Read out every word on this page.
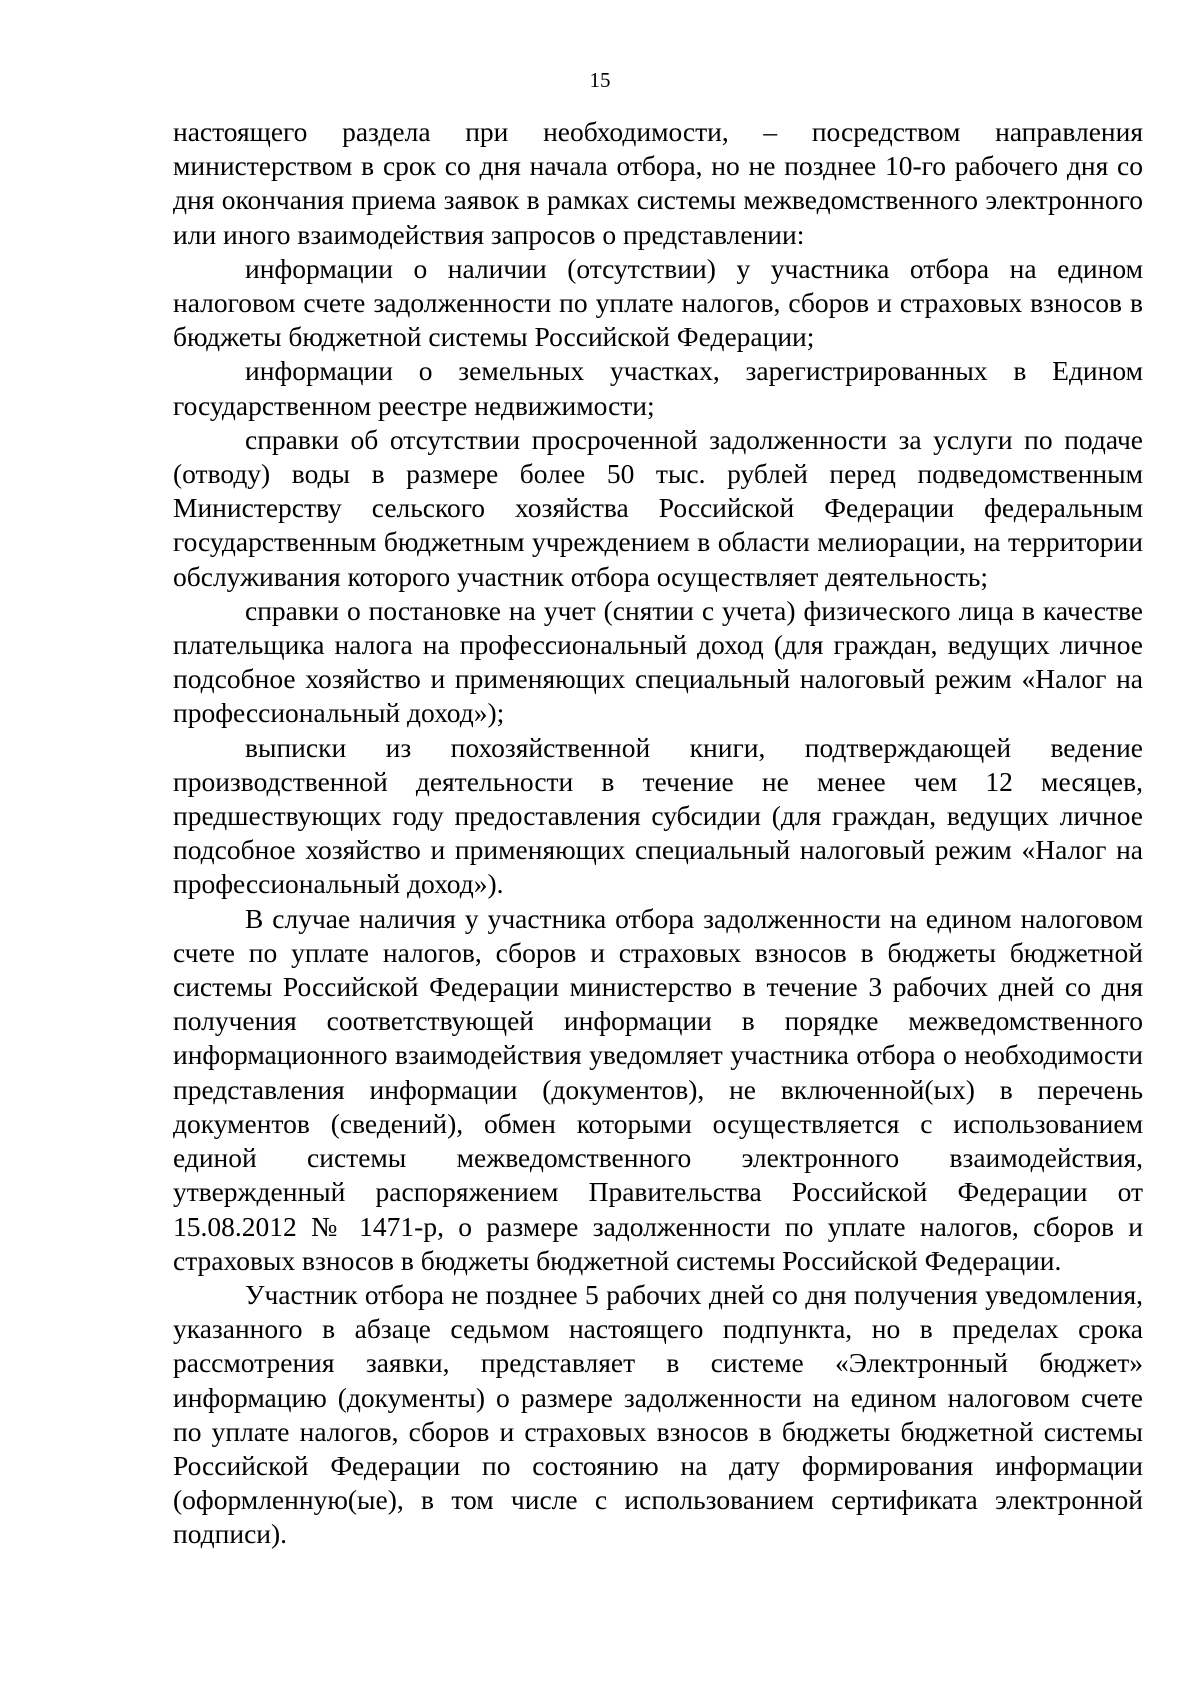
15

настоящего раздела при необходимости, – посредством направления министерством в срок со дня начала отбора, но не позднее 10-го рабочего дня со дня окончания приема заявок в рамках системы межведомственного электронного или иного взаимодействия запросов о представлении:

информации о наличии (отсутствии) у участника отбора на едином налоговом счете задолженности по уплате налогов, сборов и страховых взносов в бюджеты бюджетной системы Российской Федерации;

информации о земельных участках, зарегистрированных в Едином государственном реестре недвижимости;

справки об отсутствии просроченной задолженности за услуги по подаче (отводу) воды в размере более 50 тыс. рублей перед подведомственным Министерству сельского хозяйства Российской Федерации федеральным государственным бюджетным учреждением в области мелиорации, на территории обслуживания которого участник отбора осуществляет деятельность;

справки о постановке на учет (снятии с учета) физического лица в качестве плательщика налога на профессиональный доход (для граждан, ведущих личное подсобное хозяйство и применяющих специальный налоговый режим «Налог на профессиональный доход»);

выписки из похозяйственной книги, подтверждающей ведение производственной деятельности в течение не менее чем 12 месяцев, предшествующих году предоставления субсидии (для граждан, ведущих личное подсобное хозяйство и применяющих специальный налоговый режим «Налог на профессиональный доход»).

В случае наличия у участника отбора задолженности на едином налоговом счете по уплате налогов, сборов и страховых взносов в бюджеты бюджетной системы Российской Федерации министерство в течение 3 рабочих дней со дня получения соответствующей информации в порядке межведомственного информационного взаимодействия уведомляет участника отбора о необходимости представления информации (документов), не включенной(ых) в перечень документов (сведений), обмен которыми осуществляется с использованием единой системы межведомственного электронного взаимодействия, утвержденный распоряжением Правительства Российской Федерации от 15.08.2012 № 1471-р, о размере задолженности по уплате налогов, сборов и страховых взносов в бюджеты бюджетной системы Российской Федерации.

Участник отбора не позднее 5 рабочих дней со дня получения уведомления, указанного в абзаце седьмом настоящего подпункта, но в пределах срока рассмотрения заявки, представляет в системе «Электронный бюджет» информацию (документы) о размере задолженности на едином налоговом счете по уплате налогов, сборов и страховых взносов в бюджеты бюджетной системы Российской Федерации по состоянию на дату формирования информации (оформленную(ые), в том числе с использованием сертификата электронной подписи).
